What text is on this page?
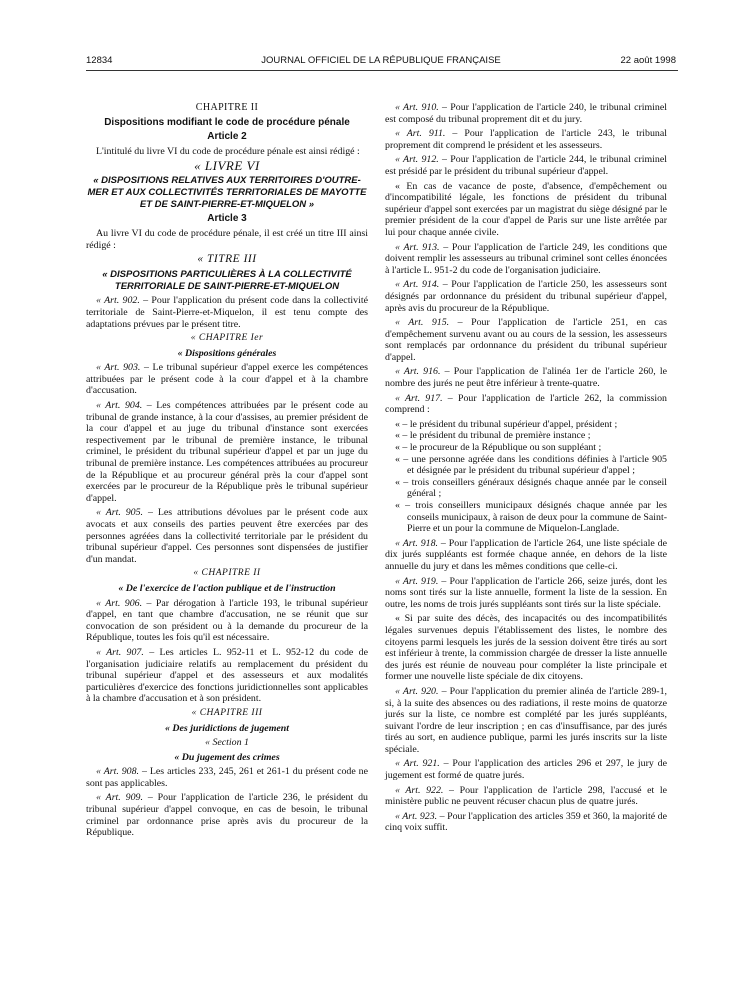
12834	JOURNAL OFFICIEL DE LA RÉPUBLIQUE FRANÇAISE	22 août 1998

CHAPITRE II

Dispositions modifiant le code de procédure pénale

Article 2

L'intitulé du livre VI du code de procédure pénale est ainsi rédigé :

« LIVRE VI

« DISPOSITIONS RELATIVES AUX TERRITOIRES D'OUTRE-MER ET AUX COLLECTIVITÉS TERRITORIALES DE MAYOTTE ET DE SAINT-PIERRE-ET-MIQUELON »

Article 3

Au livre VI du code de procédure pénale, il est créé un titre III ainsi rédigé :

« TITRE III

« DISPOSITIONS PARTICULIÈRES À LA COLLECTIVITÉ TERRITORIALE DE SAINT-PIERRE-ET-MIQUELON

« Art. 902. – Pour l'application du présent code dans la collectivité territoriale de Saint-Pierre-et-Miquelon, il est tenu compte des adaptations prévues par le présent titre.

« CHAPITRE Ier

« Dispositions générales

« Art. 903. – Le tribunal supérieur d'appel exerce les compétences attribuées par le présent code à la cour d'appel et à la chambre d'accusation.

« Art. 904. – Les compétences attribuées par le présent code au tribunal de grande instance, à la cour d'assises, au premier président de la cour d'appel et au juge du tribunal d'instance sont exercées respectivement par le tribunal de première instance, le tribunal criminel, le président du tribunal supérieur d'appel et par un juge du tribunal de première instance. Les compétences attribuées au procureur de la République et au procureur général près la cour d'appel sont exercées par le procureur de la République près le tribunal supérieur d'appel.

« Art. 905. – Les attributions dévolues par le présent code aux avocats et aux conseils des parties peuvent être exercées par des personnes agréées dans la collectivité territoriale par le président du tribunal supérieur d'appel. Ces personnes sont dispensées de justifier d'un mandat.

« CHAPITRE II

« De l'exercice de l'action publique et de l'instruction

« Art. 906. – Par dérogation à l'article 193, le tribunal supérieur d'appel, en tant que chambre d'accusation, ne se réunit que sur convocation de son président ou à la demande du procureur de la République, toutes les fois qu'il est nécessaire.

« Art. 907. – Les articles L. 952-11 et L. 952-12 du code de l'organisation judiciaire relatifs au remplacement du président du tribunal supérieur d'appel et des assesseurs et aux modalités particulières d'exercice des fonctions juridictionnelles sont applicables à la chambre d'accusation et à son président.

« CHAPITRE III

« Des juridictions de jugement

« Section 1

« Du jugement des crimes

« Art. 908. – Les articles 233, 245, 261 et 261-1 du présent code ne sont pas applicables.

« Art. 909. – Pour l'application de l'article 236, le président du tribunal supérieur d'appel convoque, en cas de besoin, le tribunal criminel par ordonnance prise après avis du procureur de la République.

« Art. 910. – Pour l'application de l'article 240, le tribunal criminel est composé du tribunal proprement dit et du jury.

« Art. 911. – Pour l'application de l'article 243, le tribunal proprement dit comprend le président et les assesseurs.

« Art. 912. – Pour l'application de l'article 244, le tribunal criminel est présidé par le président du tribunal supérieur d'appel.

« En cas de vacance de poste, d'absence, d'empêchement ou d'incompatibilité légale, les fonctions de président du tribunal supérieur d'appel sont exercées par un magistrat du siège désigné par le premier président de la cour d'appel de Paris sur une liste arrêtée par lui pour chaque année civile.

« Art. 913. – Pour l'application de l'article 249, les conditions que doivent remplir les assesseurs au tribunal criminel sont celles énoncées à l'article L. 951-2 du code de l'organisation judiciaire.

« Art. 914. – Pour l'application de l'article 250, les assesseurs sont désignés par ordonnance du président du tribunal supérieur d'appel, après avis du procureur de la République.

« Art. 915. – Pour l'application de l'article 251, en cas d'empêchement survenu avant ou au cours de la session, les assesseurs sont remplacés par ordonnance du président du tribunal supérieur d'appel.

« Art. 916. – Pour l'application de l'alinéa 1er de l'article 260, le nombre des jurés ne peut être inférieur à trente-quatre.

« Art. 917. – Pour l'application de l'article 262, la commission comprend :

« – le président du tribunal supérieur d'appel, président ;
« – le président du tribunal de première instance ;
« – le procureur de la République ou son suppléant ;
« – une personne agréée dans les conditions définies à l'article 905 et désignée par le président du tribunal supérieur d'appel ;
« – trois conseillers généraux désignés chaque année par le conseil général ;
« – trois conseillers municipaux désignés chaque année par les conseils municipaux, à raison de deux pour la commune de Saint-Pierre et un pour la commune de Miquelon-Langlade.

« Art. 918. – Pour l'application de l'article 264, une liste spéciale de dix jurés suppléants est formée chaque année, en dehors de la liste annuelle du jury et dans les mêmes conditions que celle-ci.

« Art. 919. – Pour l'application de l'article 266, seize jurés, dont les noms sont tirés sur la liste annuelle, forment la liste de la session. En outre, les noms de trois jurés suppléants sont tirés sur la liste spéciale.

« Si par suite des décès, des incapacités ou des incompatibilités légales survenues depuis l'établissement des listes, le nombre des citoyens parmi lesquels les jurés de la session doivent être tirés au sort est inférieur à trente, la commission chargée de dresser la liste annuelle des jurés est réunie de nouveau pour compléter la liste principale et former une nouvelle liste spéciale de dix citoyens.

« Art. 920. – Pour l'application du premier alinéa de l'article 289-1, si, à la suite des absences ou des radiations, il reste moins de quatorze jurés sur la liste, ce nombre est complété par les jurés suppléants, suivant l'ordre de leur inscription ; en cas d'insuffisance, par des jurés tirés au sort, en audience publique, parmi les jurés inscrits sur la liste spéciale.

« Art. 921. – Pour l'application des articles 296 et 297, le jury de jugement est formé de quatre jurés.

« Art. 922. – Pour l'application de l'article 298, l'accusé et le ministère public ne peuvent récuser chacun plus de quatre jurés.

« Art. 923. – Pour l'application des articles 359 et 360, la majorité de cinq voix suffit.
